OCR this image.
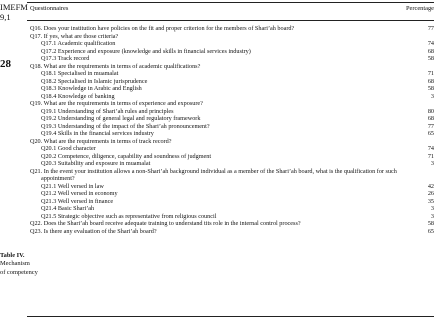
IMEFM
9,1
28
Table IV.
Mechanism
of competency
Questionnaires	Percentage
Q16. Does your institution have policies on the fit and proper criterion for the members of Shari’ah board?	77
Q17. If yes, what are those criteria?
Q17.1 Academic qualification	74
Q17.2 Experience and exposure (knowledge and skills in financial services industry)	68
Q17.3 Track record	58
Q18. What are the requirements in terms of academic qualifications?
Q18.1 Specialised in muamalat	71
Q18.2 Specialised in Islamic jurisprudence	68
Q18.3 Knowledge in Arabic and English	58
Q18.4 Knowledge of banking	3
Q19. What are the requirements in terms of experience and exposure?
Q19.1 Understanding of Shari’ah rules and principles	80
Q19.2 Understanding of general legal and regulatory framework	68
Q19.3 Understanding of the impact of the Shari’ah pronouncement?	77
Q19.4 Skills in the financial services industry	65
Q20. What are the requirements in terms of track record?
Q20.1 Good character	74
Q20.2 Competence, diligence, capability and soundness of judgment	71
Q20.3 Suitability and exposure in muamalat	3
Q21. In the event your institution allows a non-Shari’ah background individual as a member of the Shari’ah board, what is the qualification for such appointment?
Q21.1 Well versed in law	42
Q21.2 Well versed in economy	26
Q21.3 Well versed in finance	35
Q21.4 Basic Shari’ah	3
Q21.5 Strategic objective such as representative from religious council	3
Q22. Does the Shari’ah board receive adequate training to understand tits role in the internal control process?	58
Q23. Is there any evaluation of the Shari’ah board?	65
